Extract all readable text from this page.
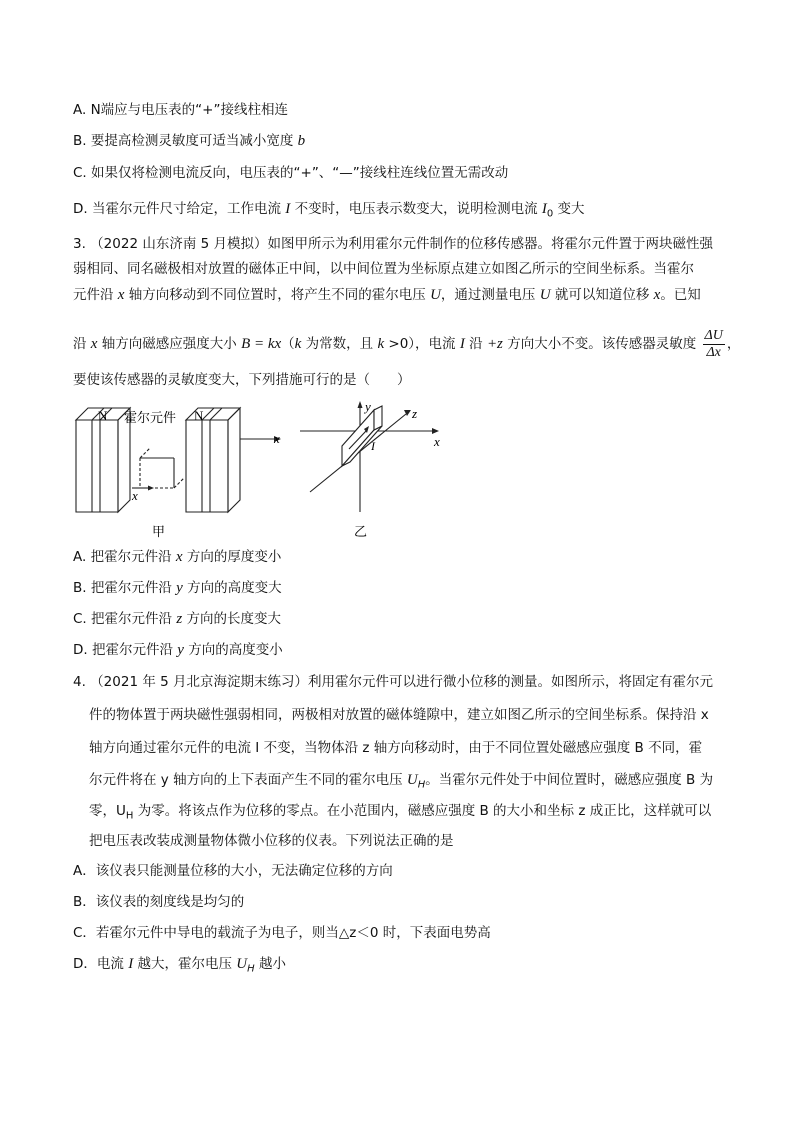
A. N端应与电压表的“+”接线柱相连
B. 要提高检测灵敏度可适当减小宽度 b
C. 如果仅将检测电流反向，电压表的“+”、“—”接线柱连线位置无需改动
D. 当霍尔元件尺寸给定，工作电流 I 不变时，电压表示数变大，说明检测电流 $I_0$ 变大
3. （2022 山东济南 5 月模拟）如图甲所示为利用霍尔元件制作的位移传感器。将霍尔元件置于两块磁性强
弱相同、同名磁极相对放置的磁体正中间，以中间位置为坐标原点建立如图乙所示的空间坐标系。当霍尔
元件沿 x 轴方向移动到不同位置时，将产生不同的霍尔电压 U，通过测量电压 U 就可以知道位移 x。已知
沿 x 轴方向磁感应强度大小 B = kx（k 为常数，且 k >0），电流 I 沿 +z 方向大小不变。该传感器灵敏度 $\frac{\Delta U}{\Delta x}$ ，
要使该传感器的灵敏度变大，下列措施可行的是（　　）
N	N
霍尔元件
x
x
甲
y	z
x
I
乙
A. 把霍尔元件沿 x 方向的厚度变小
B. 把霍尔元件沿 y 方向的高度变大
C. 把霍尔元件沿 z 方向的长度变大
D. 把霍尔元件沿 y 方向的高度变小
4. （2021 年 5 月北京海淀期末练习）利用霍尔元件可以进行微小位移的测量。如图所示，将固定有霍尔元
件的物体置于两块磁性强弱相同，两极相对放置的磁体缝隙中，建立如图乙所示的空间坐标系。保持沿 x
轴方向通过霍尔元件的电流 I 不变，当物体沿 z 轴方向移动时，由于不同位置处磁感应强度 B 不同，霍
尔元件将在 y 轴方向的上下表面产生不同的霍尔电压 $U_H$。当霍尔元件处于中间位置时，磁感应强度 B 为
零，$U_H$ 为零。将该点作为位移的零点。在小范围内，磁感应强度 B 的大小和坐标 z 成正比，这样就可以
把电压表改装成测量物体微小位移的仪表。下列说法正确的是
A．该仪表只能测量位移的大小，无法确定位移的方向
B．该仪表的刻度线是均匀的
C．若霍尔元件中导电的载流子为电子，则当△z＜0 时，下表面电势高
D．电流 I 越大，霍尔电压 $U_H$ 越小
